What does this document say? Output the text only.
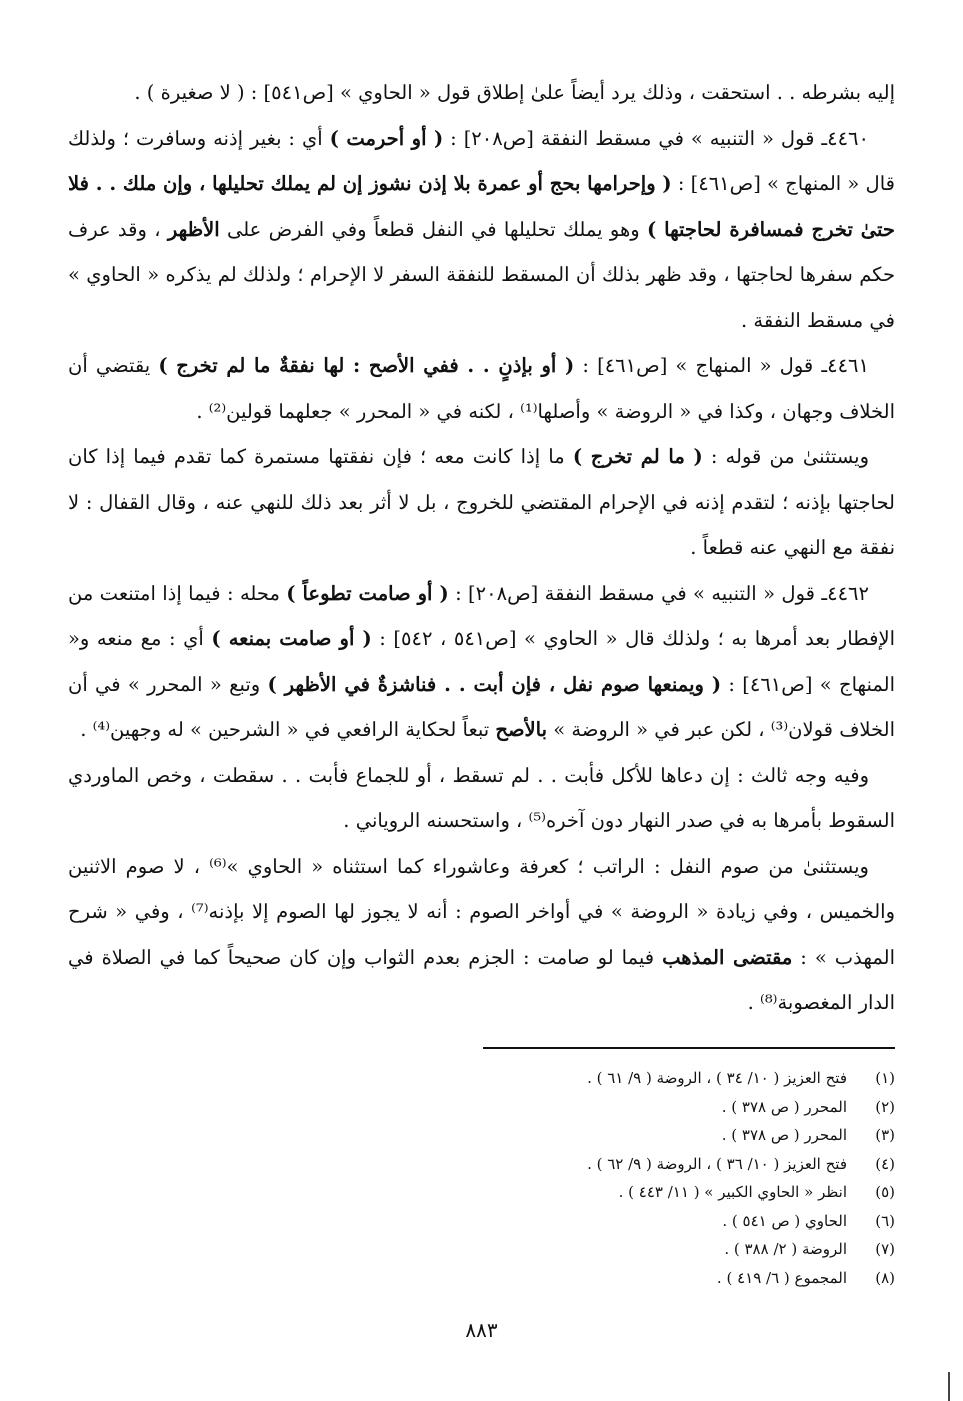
إليه بشرطه . . استحقت ، وذلك يرد أيضاً علىٰ إطلاق قول « الحاوي » [ص٥٤١] : ( لا صغيرة ) .

٤٤٦٠ـ قول « التنبيه » في مسقط النفقة [ص٢٠٨] : ( أو أحرمت ) أي : بغير إذنه وسافرت ؛ ولذلك قال « المنهاج » [ص٤٦١] : ( وإحرامها بحج أو عمرة بلا إذن نشوز إن لم يملك تحليلها ، وإن ملك . . فلا حتىٰ تخرج فمسافرة لحاجتها ) وهو يملك تحليلها في النفل قطعاً وفي الفرض على الأظهر ، وقد عرف حكم سفرها لحاجتها ، وقد ظهر بذلك أن المسقط للنفقة السفر لا الإحرام ؛ ولذلك لم يذكره « الحاوي » في مسقط النفقة .

٤٤٦١ـ قول « المنهاج » [ص٤٦١] : ( أو بإذنٍ . . ففي الأصح : لها نفقةٌ ما لم تخرج ) يقتضي أن الخلاف وجهان ، وكذا في « الروضة » وأصلها⁽¹⁾ ، لكنه في « المحرر » جعلهما قولين⁽²⁾ .

ويستثنىٰ من قوله : ( ما لم تخرج ) ما إذا كانت معه ؛ فإن نفقتها مستمرة كما تقدم فيما إذا كان لحاجتها بإذنه ؛ لتقدم إذنه في الإحرام المقتضي للخروج ، بل لا أثر بعد ذلك للنهي عنه ، وقال القفال : لا نفقة مع النهي عنه قطعاً .

٤٤٦٢ـ قول « التنبيه » في مسقط النفقة [ص٢٠٨] : ( أو صامت تطوعاً ) محله : فيما إذا امتنعت من الإفطار بعد أمرها به ؛ ولذلك قال « الحاوي » [ص٥٤١ ، ٥٤٢] : ( أو صامت بمنعه ) أي : مع منعه و« المنهاج » [ص٤٦١] : ( ويمنعها صوم نفل ، فإن أبت . . فناشزةٌ في الأظهر ) وتبع « المحرر » في أن الخلاف قولان⁽³⁾ ، لكن عبر في « الروضة » بالأصح تبعاً لحكاية الرافعي في « الشرحين » له وجهين⁽⁴⁾ .

وفيه وجه ثالث : إن دعاها للأكل فأبت . . لم تسقط ، أو للجماع فأبت . . سقطت ، وخص الماوردي السقوط بأمرها به في صدر النهار دون آخره⁽⁵⁾ ، واستحسنه الروياني .

ويستثنىٰ من صوم النفل : الراتب ؛ كعرفة وعاشوراء كما استثناه « الحاوي »⁽⁶⁾ ، لا صوم الاثنين والخميس ، وفي زيادة « الروضة » في أواخر الصوم : أنه لا يجوز لها الصوم إلا بإذنه⁽⁷⁾ ، وفي « شرح المهذب » : مقتضى المذهب فيما لو صامت : الجزم بعدم الثواب وإن كان صحيحاً كما في الصلاة في الدار المغصوبة⁽⁸⁾ .

(١)
فتح العزيز ( ١٠/ ٣٤ ) ، الروضة ( ٩/ ٦١ ) .
(٢)
المحرر ( ص ٣٧٨ ) .
(٣)
المحرر ( ص ٣٧٨ ) .
(٤)
فتح العزيز ( ١٠/ ٣٦ ) ، الروضة ( ٩/ ٦٢ ) .
(٥)
انظر « الحاوي الكبير » ( ١١/ ٤٤٣ ) .
(٦)
الحاوي ( ص ٥٤١ ) .
(٧)
الروضة ( ٢/ ٣٨٨ ) .
(٨)
المجموع ( ٦/ ٤١٩ ) .
٨٨٣
